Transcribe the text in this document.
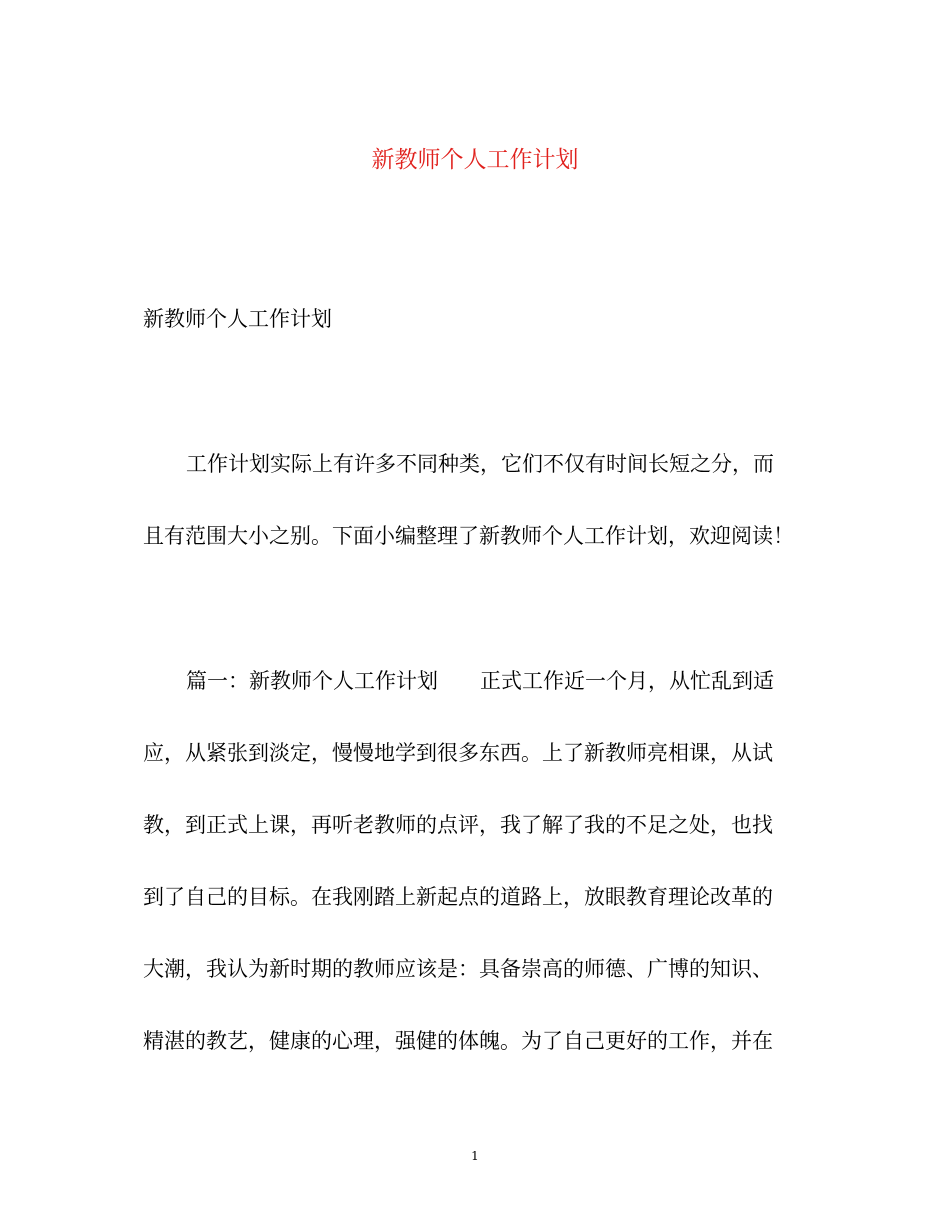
新教师个人工作计划

新教师个人工作计划

工作计划实际上有许多不同种类，它们不仅有时间长短之分，而
且有范围大小之别。下面小编整理了新教师个人工作计划，欢迎阅读！
篇一：新教师个人工作计划　　正式工作近一个月，从忙乱到适
应，从紧张到淡定，慢慢地学到很多东西。上了新教师亮相课，从试
教，到正式上课，再听老教师的点评，我了解了我的不足之处，也找
到了自己的目标。在我刚踏上新起点的道路上，放眼教育理论改革的
大潮，我认为新时期的教师应该是：具备崇高的师德、广博的知识、
精湛的教艺，健康的心理，强健的体魄。为了自己更好的工作，并在
1
